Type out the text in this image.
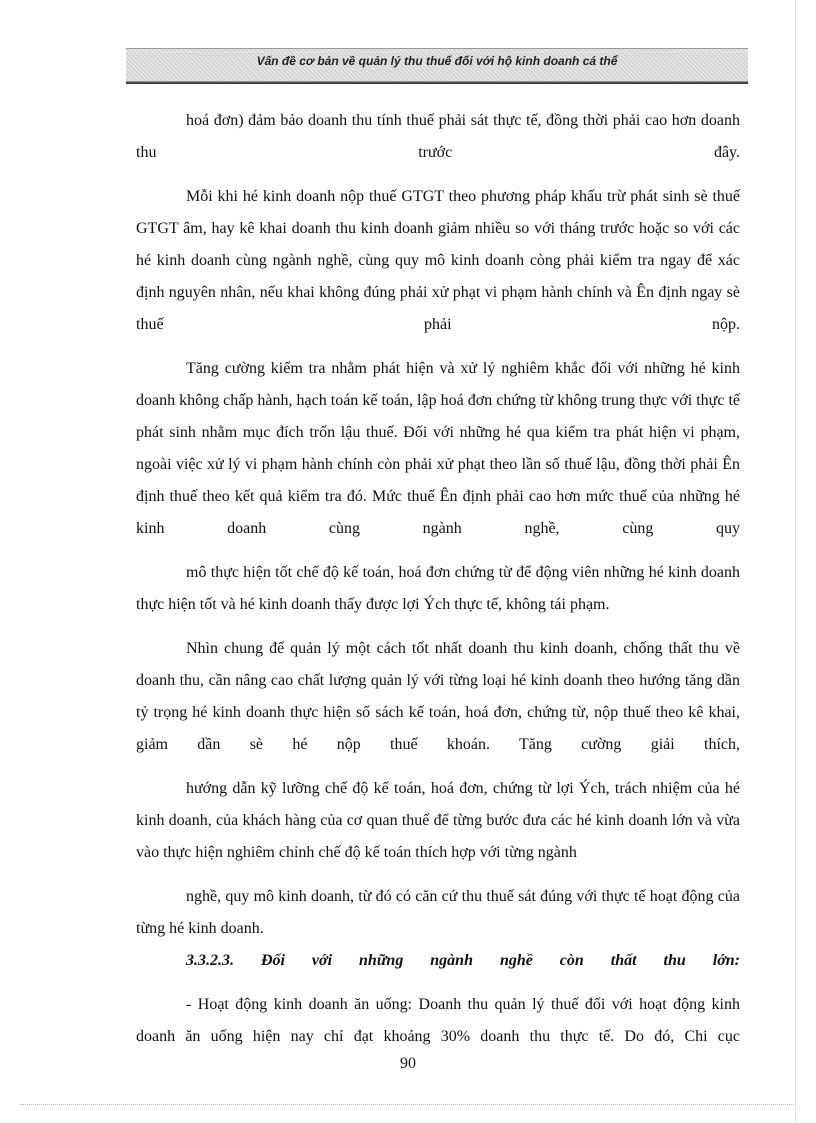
Vấn đề cơ bản về quản lý thu thuế đối với hộ kinh doanh cá thể

hoá đơn) đảm bảo doanh thu tính thuế phải sát thực tế, đồng thời phải cao hơn doanh thu trước đây.

Mỗi khi hé kinh doanh nộp thuế GTGT theo phương pháp khấu trừ phát sinh sè thuế GTGT âm, hay kê khai doanh thu kinh doanh giảm nhiều so với tháng trước hoặc so với các hé kinh doanh cùng ngành nghề, cùng quy mô kinh doanh còng phải kiểm tra ngay để xác định nguyên nhân, nếu khai không đúng phải xử phạt vi phạm hành chính và Ên định ngay sè thuế phải nộp.

Tăng cường kiểm tra nhằm phát hiện và xử lý nghiêm khắc đối với những hé kinh doanh không chấp hành, hạch toán kế toán, lập hoá đơn chứng từ không trung thực với thực tế phát sinh nhằm mục đích trốn lậu thuế. Đối với những hé qua kiểm tra phát hiện vi phạm, ngoài việc xử lý vi phạm hành chính còn phải xử phạt theo lần số thuế lậu, đồng thời phải Ên định thuế theo kết quả kiểm tra đó. Mức thuế Ên định phải cao hơn mức thuế của những hé kinh doanh cùng ngành nghề, cùng quy

mô thực hiện tốt chế độ kế toán, hoá đơn chứng từ để động viên những hé kinh doanh thực hiện tốt và hé kinh doanh thấy được lợi Ých thực tế, không tái phạm.

Nhìn chung để quản lý một cách tốt nhất doanh thu kinh doanh, chống thất thu về doanh thu, cần nâng cao chất lượng quản lý với từng loại hé kinh doanh theo hướng tăng dần tỷ trọng hé kinh doanh thực hiện sổ sách kế toán, hoá đơn, chứng từ, nộp thuế theo kê khai, giảm dần sè hé nộp thuế khoán. Tăng cường giải thích,

hướng dẫn kỹ lưỡng chế độ kế toán, hoá đơn, chứng từ lợi Ých, trách nhiệm của hé kinh doanh, của khách hàng của cơ quan thuế để từng bước đưa các hé kinh doanh lớn và vừa vào thực hiện nghiêm chỉnh chế độ kế toán thích hợp với từng ngành

nghề, quy mô kinh doanh, từ đó có căn cứ thu thuế sát đúng với thực tế hoạt động của từng hé kinh doanh.

3.3.2.3. Đối với những ngành nghề còn thất thu lớn:

- Hoạt động kinh doanh ăn uống: Doanh thu quản lý thuế đối với hoạt động kinh doanh ăn uống hiện nay chỉ đạt khoảng 30% doanh thu thực tế. Do đó, Chi cục

90
